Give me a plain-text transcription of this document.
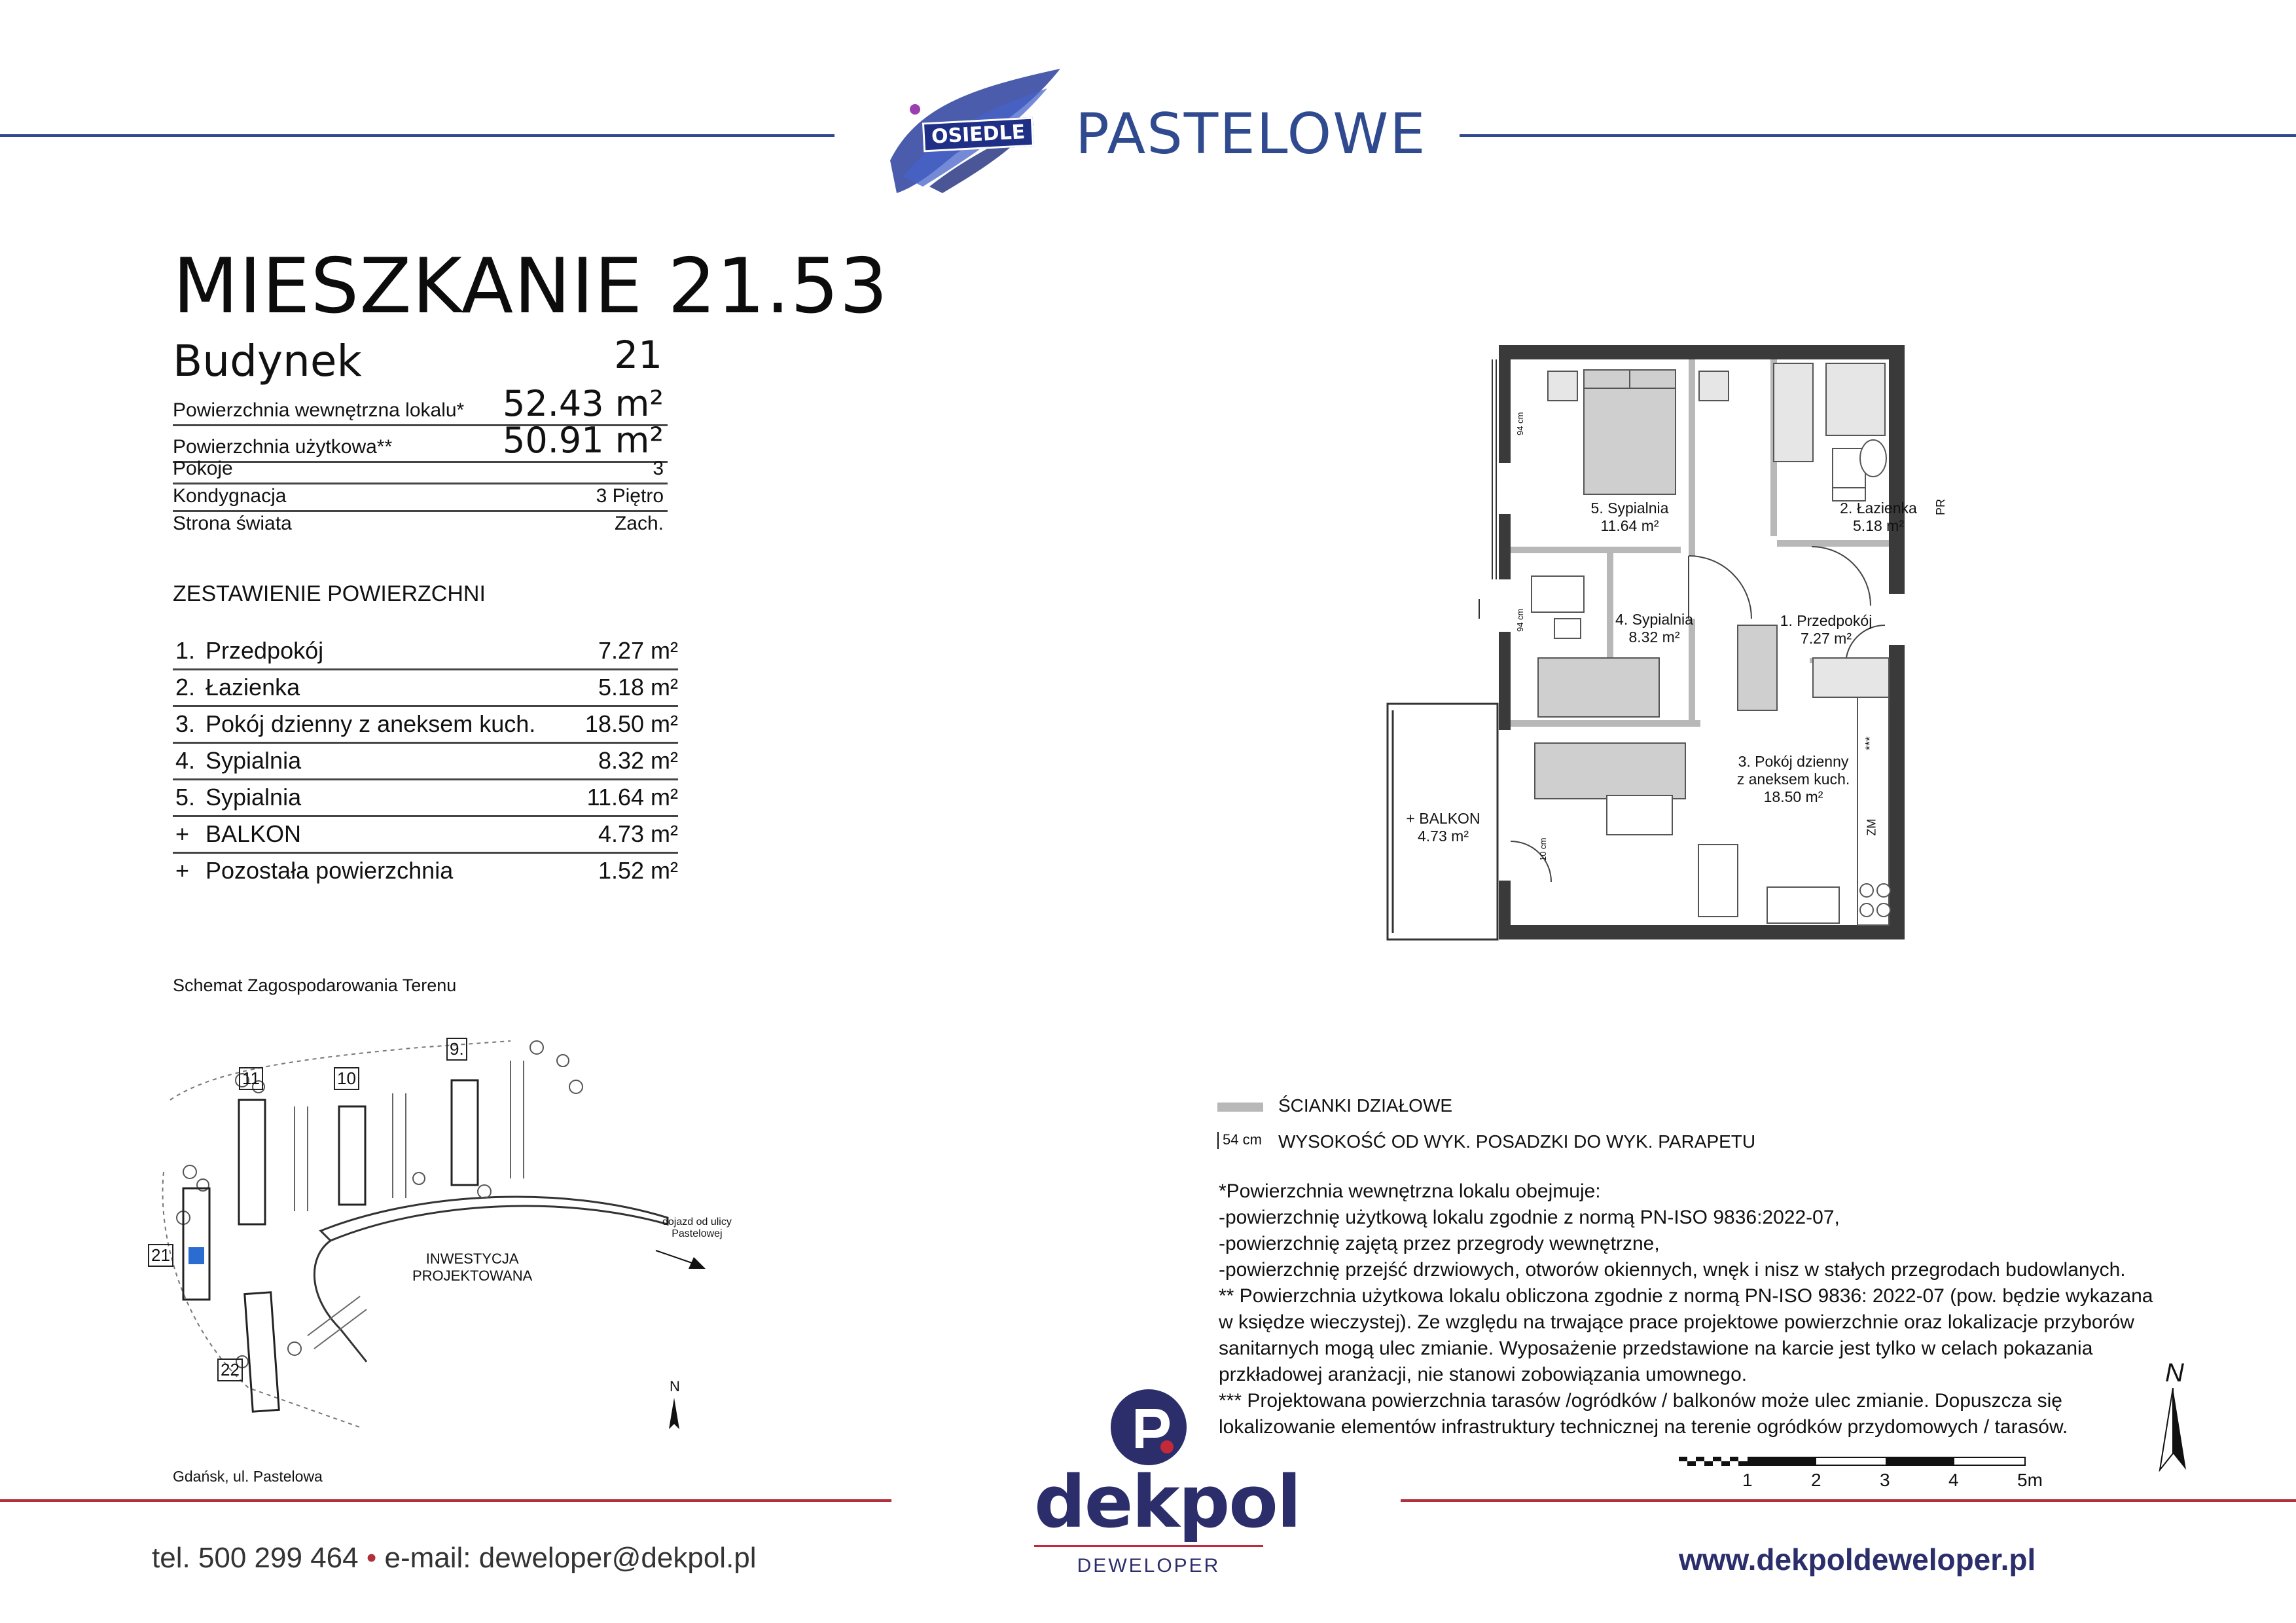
OSIEDLE PASTELOWE
MIESZKANIE 21.53
Budynek	21
Powierzchnia wewnętrzna lokalu* 52.43 m²
Powierzchnia użytkowa**	50.91 m²
Pokoje	3
Kondygnacja	3 Piętro
Strona świata	Zach.
ZESTAWIENIE POWIERZCHNI
1. Przedpokój	7.27 m²
2. Łazienka	5.18 m²
3. Pokój dzienny z aneksem kuch. 18.50 m²
4. Sypialnia	8.32 m²
5. Sypialnia	11.64 m²
+ BALKON	4.73 m²
+ Pozostała powierzchnia	1.52 m²
Schemat Zagospodarowania Terenu
11	10
9.
21
22
INWESTYCJA
PROJEKTOWANA
dojazd od ulicy
Pastelowej
N
Gdańsk, ul. Pastelowa
5. Sypialnia
11.64 m²
2. Łazienka
5.18 m²
4. Sypialnia
8.32 m²
1. Przedpokój
7.27 m²
3. Pokój dzienny
z aneksem kuch.
18.50 m²
+ BALKON
4.73 m²
PR
ZM
***
94 cm
94 cm
10 cm
ŚCIANKI DZIAŁOWE
54 cm WYSOKOŚĆ OD WYK. POSADZKI DO WYK. PARAPETU

*Powierzchnia wewnętrzna lokalu obejmuje:

-powierzchnię użytkową lokalu zgodnie z normą PN-ISO 9836:2022-07,

-powierzchnię zajętą przez przegrody wewnętrzne,

-powierzchnię przejść drzwiowych, otworów okiennych, wnęk i nisz w stałych przegrodach budowlanych.

** Powierzchnia użytkowa lokalu obliczona zgodnie z normą PN-ISO 9836: 2022-07 (pow. będzie wykazana

w księdze wieczystej). Ze względu na trwające prace projektowe powierzchnie oraz lokalizacje przyborów

sanitarnych mogą ulec zmianie. Wyposażenie przedstawione na karcie jest tylko w celach pokazania

przkładowej aranżacji, nie stanowi zobowiązania umownego.

*** Projektowana powierzchnia tarasów /ogródków / balkonów może ulec zmianie. Dopuszcza się

lokalizowanie elementów infrastruktury technicznej na terenie ogródków przydomowych / tarasów.

N
1	2	3	4	5m
dekpol
DEWELOPER
tel. 500 299 464 • e-mail: deweloper@dekpol.pl	www.dekpoldeweloper.pl
